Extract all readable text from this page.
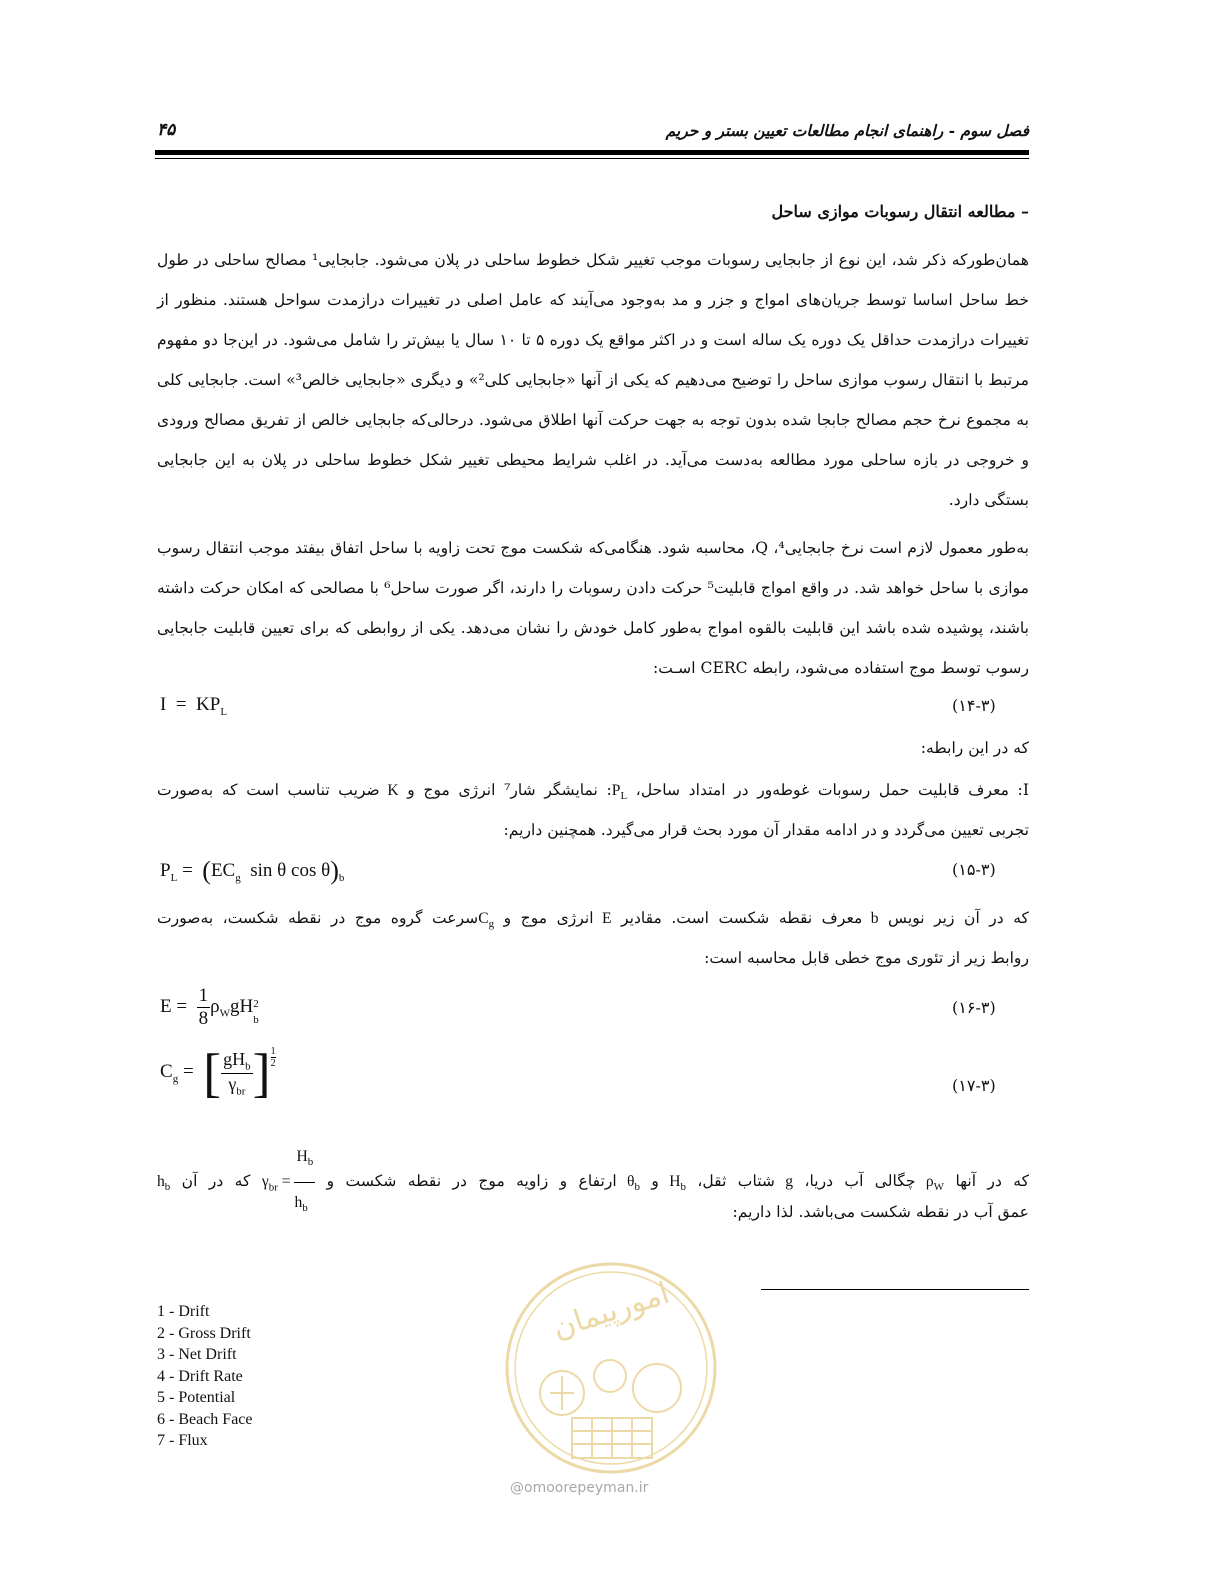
فصل سوم - راهنمای انجام مطالعات تعیین بستر و حریم
۴۵
– مطالعه انتقال رسوبات موازی ساحل
همان‌طورکه ذکر شد، این نوع از جابجایی رسوبات موجب تغییر شکل خطوط ساحلی در پلان می‌شود. جابجایی¹ مصالح ساحلی در طول خط ساحل اساسا توسط جریان‌های امواج و جزر و مد به‌وجود می‌آیند که عامل اصلی در تغییرات درازمدت سواحل هستند. منظور از تغییرات درازمدت حداقل یک دوره یک ساله است و در اکثر مواقع یک دوره ۵ تا ۱۰ سال یا بیش‌تر را شامل می‌شود. در این‌جا دو مفهوم مرتبط با انتقال رسوب موازی ساحل را توضیح می‌دهیم که یکی از آنها «جابجایی کلی²» و دیگری «جابجایی خالص³» است. جابجایی کلی به مجموع نرخ حجم مصالح جابجا شده بدون توجه به جهت حرکت آنها اطلاق می‌شود. درحالی‌که جابجایی خالص از تفریق مصالح ورودی و خروجی در بازه ساحلی مورد مطالعه به‌دست می‌آید. در اغلب شرایط محیطی تغییر شکل خطوط ساحلی در پلان به این جابجایی بستگی دارد.
به‌طور معمول لازم است نرخ جابجایی⁴، Q، محاسبه شود. هنگامی‌که شکست موج تحت زاویه با ساحل اتفاق بیفتد موجب انتقال رسوب موازی با ساحل خواهد شد. در واقع امواج قابلیت⁵ حرکت دادن رسوبات را دارند، اگر صورت ساحل⁶ با مصالحی که امکان حرکت داشته باشند، پوشیده شده باشد این قابلیت بالقوه امواج به‌طور کامل خودش را نشان می‌دهد. یکی از روابطی که برای تعیین قابلیت جابجایی رسوب توسط موج استفاده می‌شود، رابطه CERC اسـت:
$I = KP_L$	(۱۴-۳)
که در این رابطه:
I: معرف قابلیت حمل رسوبات غوطه‌ور در امتداد ساحل، $P_L$: نمایشگر شار⁷ انرژی موج و K ضریب تناسب است که به‌صورت
تجربی تعیین می‌گردد و در ادامه مقدار آن مورد بحث قرار می‌گیرد. همچنین داریم:
$P_L = (EC_g$  sin θ $\cos \theta)_b$	(۱۵-۳)
که در آن زیر نویس b معرف نقطه شکست است. مقادیر E انرژی موج و $C_gسرعت$ گروه موج در نقطه شکست، به‌صورت
روابط زیر از تئوری موج خطی قابل محاسبه است:
$E = \frac{1}{8} \rho_WgH$ 2
b
(۱۶-۳)
$C_g$ =  [ $\frac{gH_b}{\gamma_{br}}$ ] $\frac{1}{2}$
(۱۷-۳)
که در آنها $\rho_W$ چگالی آب دریا، g شتاب ثقل، $H_b$ و $\theta_b$ ارتفاع و زاویه موج در نقطه شکست و $\gamma_{br} = \frac{H_b}{h_b}$
که در آن $h_b$
عمق آب در نقطه شکست می‌باشد. لذا داریم:
1 - Drift
2 - Gross Drift
3 - Net Drift
4 - Drift Rate
5 - Potential
6 - Beach Face
7 - Flux
امورپیمان
@omoorepeyman.ir
